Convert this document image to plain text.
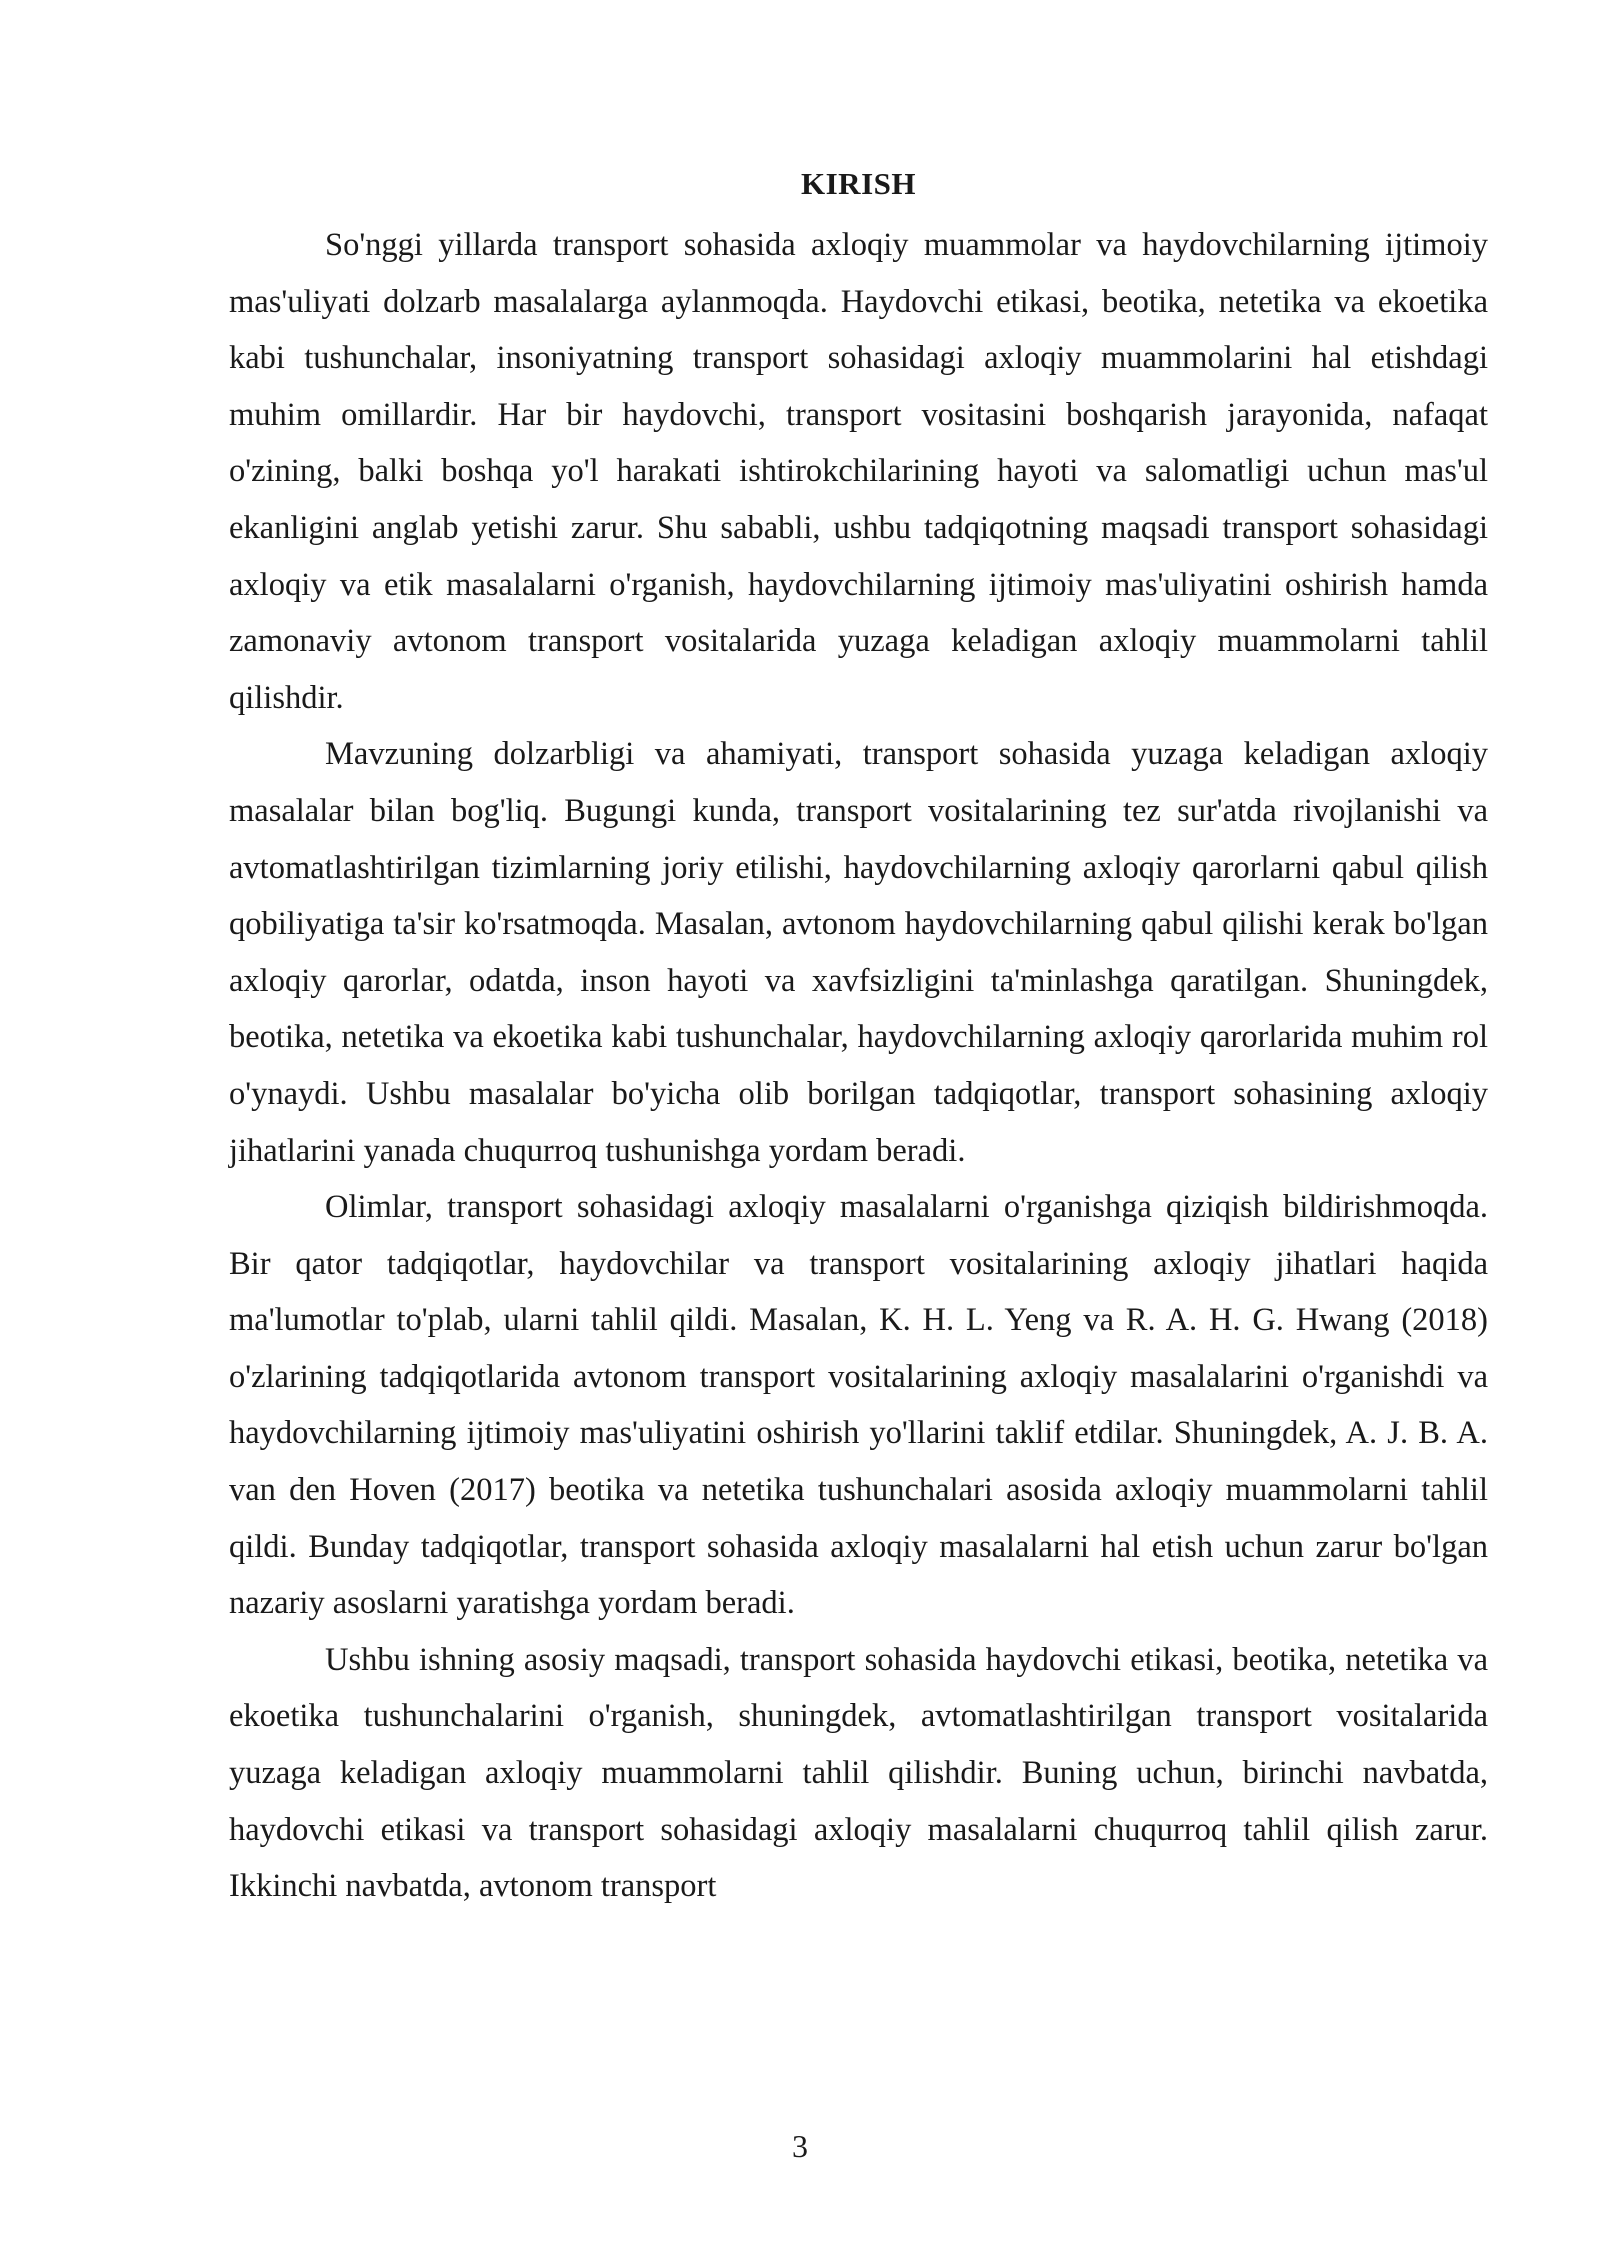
KIRISH

So'nggi yillarda transport sohasida axloqiy muammolar va haydovchilarning ijtimoiy mas'uliyati dolzarb masalalarga aylanmoqda. Haydovchi etikasi, beotika, netetika va ekoetika kabi tushunchalar, insoniyatning transport sohasidagi axloqiy muammolarini hal etishdagi muhim omillardir. Har bir haydovchi, transport vositasini boshqarish jarayonida, nafaqat o'zining, balki boshqa yo'l harakati ishtirokchilarining hayoti va salomatligi uchun mas'ul ekanligini anglab yetishi zarur. Shu sababli, ushbu tadqiqotning maqsadi transport sohasidagi axloqiy va etik masalalarni o'rganish, haydovchilarning ijtimoiy mas'uliyatini oshirish hamda zamonaviy avtonom transport vositalarida yuzaga keladigan axloqiy muammolarni tahlil qilishdir.

Mavzuning dolzarbligi va ahamiyati, transport sohasida yuzaga keladigan axloqiy masalalar bilan bog'liq. Bugungi kunda, transport vositalarining tez sur'atda rivojlanishi va avtomatlashtirilgan tizimlarning joriy etilishi, haydovchilarning axloqiy qarorlarni qabul qilish qobiliyatiga ta'sir ko'rsatmoqda. Masalan, avtonom haydovchilarning qabul qilishi kerak bo'lgan axloqiy qarorlar, odatda, inson hayoti va xavfsizligini ta'minlashga qaratilgan. Shuningdek, beotika, netetika va ekoetika kabi tushunchalar, haydovchilarning axloqiy qarorlarida muhim rol o'ynaydi. Ushbu masalalar bo'yicha olib borilgan tadqiqotlar, transport sohasining axloqiy jihatlarini yanada chuqurroq tushunishga yordam beradi.

Olimlar, transport sohasidagi axloqiy masalalarni o'rganishga qiziqish bildirishmoqda. Bir qator tadqiqotlar, haydovchilar va transport vositalarining axloqiy jihatlari haqida ma'lumotlar to'plab, ularni tahlil qildi. Masalan, K. H. L. Yeng va R. A. H. G. Hwang (2018) o'zlarining tadqiqotlarida avtonom transport vositalarining axloqiy masalalarini o'rganishdi va haydovchilarning ijtimoiy mas'uliyatini oshirish yo'llarini taklif etdilar. Shuningdek, A. J. B. A. van den Hoven (2017) beotika va netetika tushunchalari asosida axloqiy muammolarni tahlil qildi. Bunday tadqiqotlar, transport sohasida axloqiy masalalarni hal etish uchun zarur bo'lgan nazariy asoslarni yaratishga yordam beradi.

Ushbu ishning asosiy maqsadi, transport sohasida haydovchi etikasi, beotika, netetika va ekoetika tushunchalarini o'rganish, shuningdek, avtomatlashtirilgan transport vositalarida yuzaga keladigan axloqiy muammolarni tahlil qilishdir. Buning uchun, birinchi navbatda, haydovchi etikasi va transport sohasidagi axloqiy masalalarni chuqurroq tahlil qilish zarur. Ikkinchi navbatda, avtonom transport

3
